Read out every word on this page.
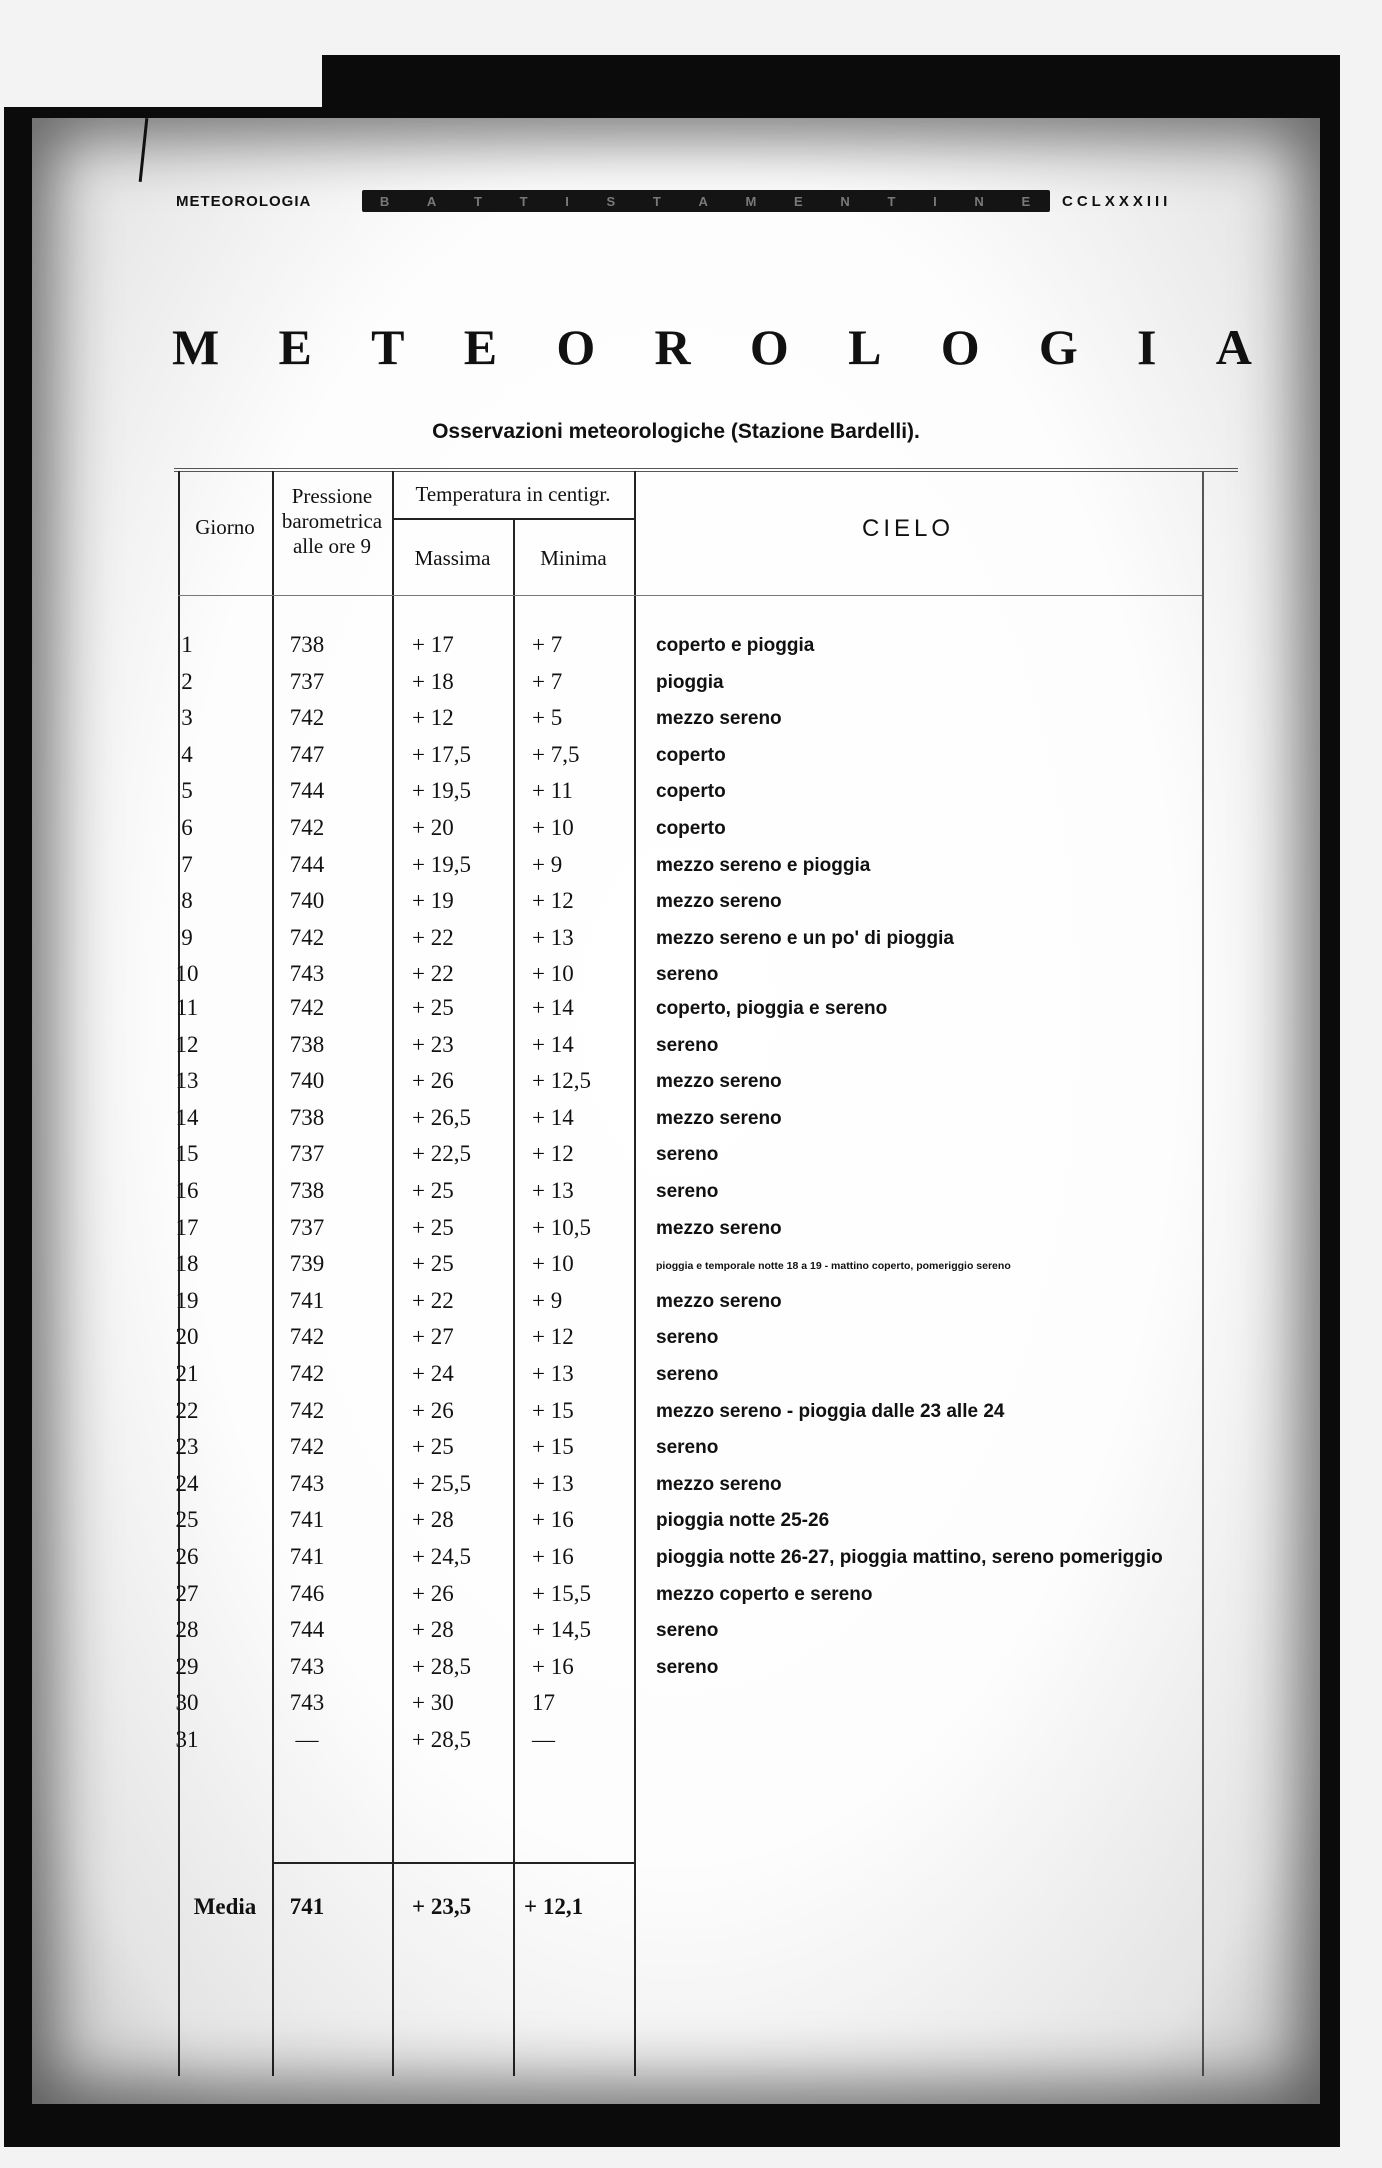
METEOROLOGIA	B	A	T	T	I	S	T	A	M	E	N	T	I	N	E CCLXXXIII
M E T E O R O L O G I A
Osservazioni meteorologiche (Stazione Bardelli).
Giorno
Pressione
barometrica
alle ore 9
Temperatura in centigr.
Massima	Minima
CIELO
1	738	+ 17	+ 7	coperto e pioggia
2	737	+ 18	+ 7	pioggia
3	742	+ 12	+ 5	mezzo sereno
4	747	+ 17,5	+ 7,5	coperto
5	744	+ 19,5	+ 11	coperto
6	742	+ 20	+ 10	coperto
7	744	+ 19,5	+ 9	mezzo sereno e pioggia
8	740	+ 19	+ 12	mezzo sereno
9	742	+ 22	+ 13	mezzo sereno e un po' di pioggia
10	743	+ 22	+ 10	sereno
11	742	+ 25	+ 14	coperto, pioggia e sereno
12	738	+ 23	+ 14	sereno
13	740	+ 26	+ 12,5	mezzo sereno
14	738	+ 26,5	+ 14	mezzo sereno
15	737	+ 22,5	+ 12	sereno
16	738	+ 25	+ 13	sereno
17	737	+ 25	+ 10,5	mezzo sereno
18	739	+ 25	+ 10	pioggia e temporale notte 18 a 19 - mattino coperto, pomeriggio sereno
19	741	+ 22	+ 9	mezzo sereno
20	742	+ 27	+ 12	sereno
21	742	+ 24	+ 13	sereno
22	742	+ 26	+ 15	mezzo sereno - pioggia dalle 23 alle 24
23	742	+ 25	+ 15	sereno
24	743	+ 25,5	+ 13	mezzo sereno
25	741	+ 28	+ 16	pioggia notte 25-26
26	741	+ 24,5	+ 16	pioggia notte 26-27, pioggia mattino, sereno pomeriggio
27	746	+ 26	+ 15,5	mezzo coperto e sereno
28	744	+ 28	+ 14,5	sereno
29	743	+ 28,5	+ 16	sereno
30	743	+ 30	17
31	—	+ 28,5	—
Media	741	+ 23,5	+ 12,1
